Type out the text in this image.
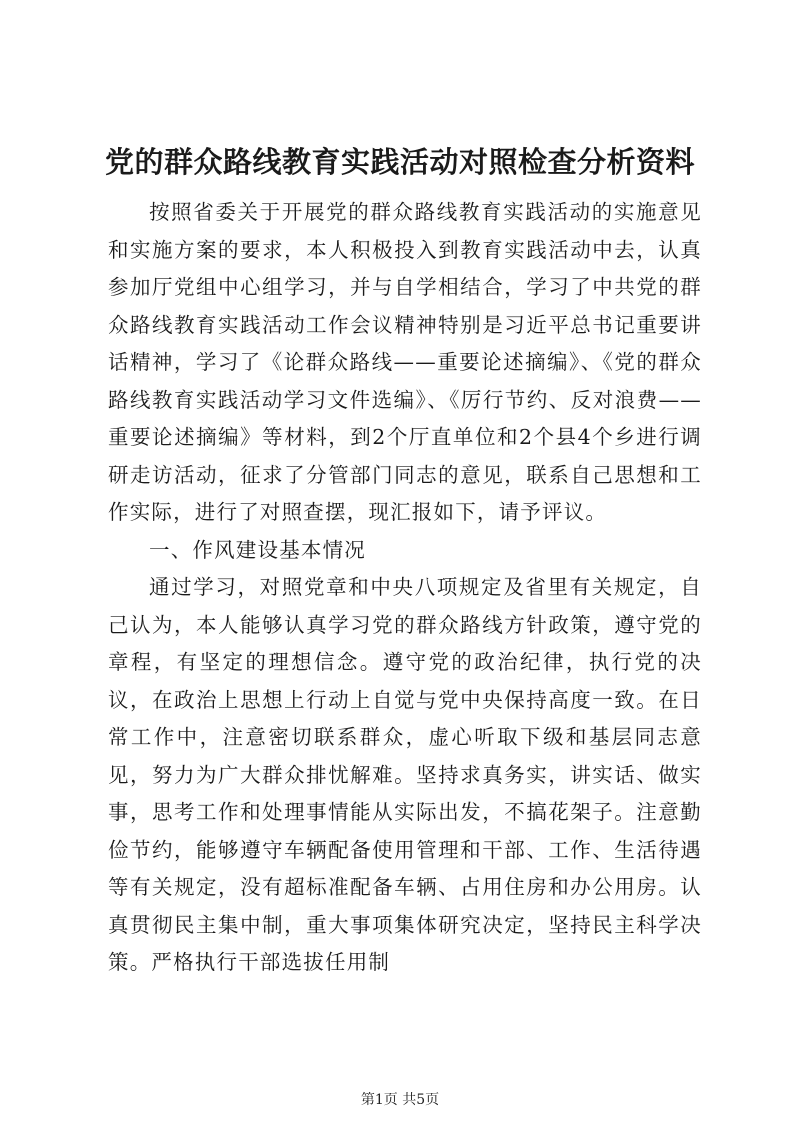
党的群众路线教育实践活动对照检查分析资料

按照省委关于开展党的群众路线教育实践活动的实施意见和实施方案的要求，本人积极投入到教育实践活动中去，认真参加厅党组中心组学习，并与自学相结合，学习了中共党的群众路线教育实践活动工作会议精神特别是习近平总书记重要讲话精神，学习了《论群众路线——重要论述摘编》、《党的群众路线教育实践活动学习文件选编》、《厉行节约、反对浪费——重要论述摘编》等材料，到2个厅直单位和2个县4个乡进行调研走访活动，征求了分管部门同志的意见，联系自己思想和工作实际，进行了对照查摆，现汇报如下，请予评议。

一、作风建设基本情况

通过学习，对照党章和中央八项规定及省里有关规定，自己认为，本人能够认真学习党的群众路线方针政策，遵守党的章程，有坚定的理想信念。遵守党的政治纪律，执行党的决议，在政治上思想上行动上自觉与党中央保持高度一致。在日常工作中，注意密切联系群众，虚心听取下级和基层同志意见，努力为广大群众排忧解难。坚持求真务实，讲实话、做实事，思考工作和处理事情能从实际出发，不搞花架子。注意勤俭节约，能够遵守车辆配备使用管理和干部、工作、生活待遇等有关规定，没有超标准配备车辆、占用住房和办公用房。认真贯彻民主集中制，重大事项集体研究决定，坚持民主科学决策。严格执行干部选拔任用制

第1页 共5页
